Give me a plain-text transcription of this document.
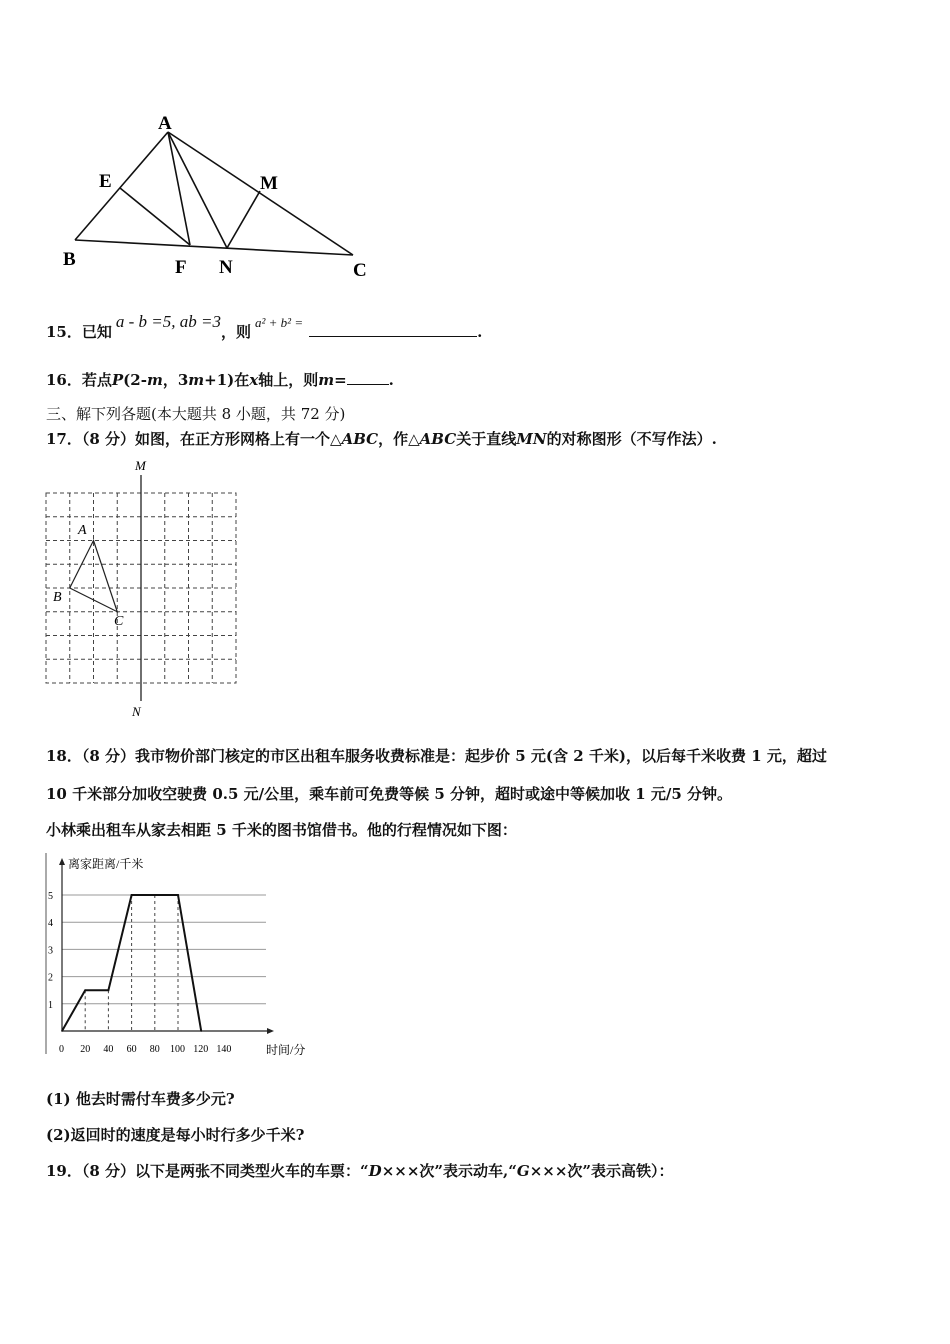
A
E	M
B	F N	C
15．已知a - b =5, ab =3，则a² + b² =.
16．若点P(2-m，3m+1)在x轴上，则m=	.
三、解下列各题(本大题共 8 小题，共 72 分)
17．（8 分）如图，在正方形网格上有一个△ABC，作△ABC关于直线MN的对称图形（不写作法）.
M
N
A
B
C
18．（8 分）我市物价部门核定的市区出租车服务收费标准是：起步价 5 元(含 2 千米)，以后每千米收费 1 元，超过
10 千米部分加收空驶费 0.5 元/公里，乘车前可免费等候 5 分钟，超时或途中等候加收 1 元/5 分钟。
小林乘出租车从家去相距 5 千米的图书馆借书。他的行程情况如下图：
1
2
3
4
5
0 20 40 60 80 100 120 140
离家距离/千米
时间/分
(1) 他去时需付车费多少元?
(2)返回时的速度是每小时行多少千米?
19．（8 分）以下是两张不同类型火车的车票：“D×××次”表示动车,“G×××次”表示高铁）：
